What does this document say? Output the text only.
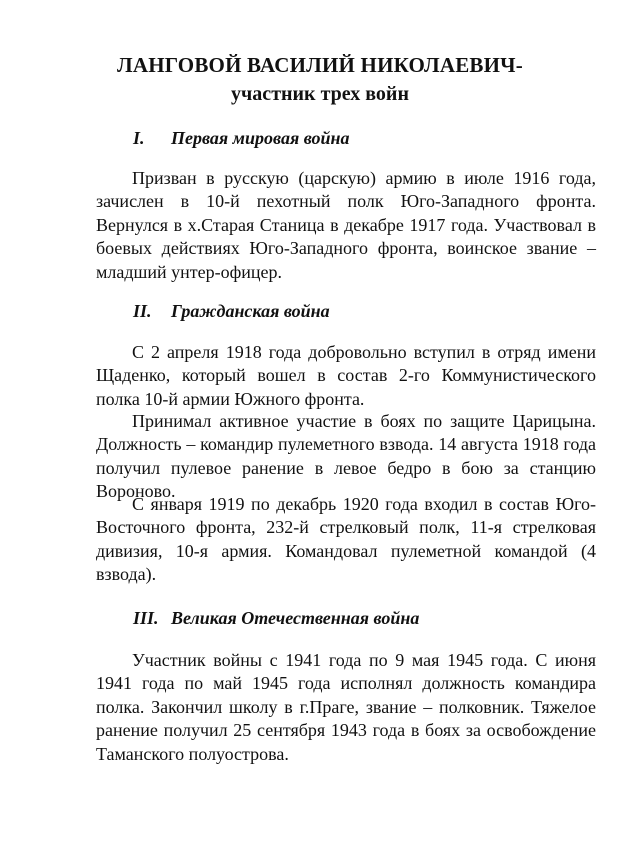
ЛАНГОВОЙ ВАСИЛИЙ НИКОЛАЕВИЧ-
участник трех войн
I. Первая мировая война

Призван в русскую (царскую) армию в июле 1916 года, зачислен в 10-й пехотный полк Юго-Западного фронта. Вернулся в х.Старая Станица в декабре 1917 года. Участвовал в боевых действиях Юго-Западного фронта, воинское звание – младший унтер-офицер.

II. Гражданская война

С 2 апреля 1918 года добровольно вступил в отряд имени Щаденко, который вошел в состав 2-го Коммунистического полка 10-й армии Южного фронта.

Принимал активное участие в боях по защите Царицына. Должность – командир пулеметного взвода. 14 августа 1918 года получил пулевое ранение в левое бедро в бою за станцию Вороново.

С января 1919 по декабрь 1920 года входил в состав Юго-Восточного фронта, 232-й стрелковый полк, 11-я стрелковая дивизия, 10-я армия. Командовал пулеметной командой (4 взвода).

III. Великая Отечественная война

Участник войны с 1941 года по 9 мая 1945 года. С июня 1941 года по май 1945 года исполнял должность командира полка. Закончил школу в г.Праге, звание – полковник. Тяжелое ранение получил 25 сентября 1943 года в боях за освобождение Таманского полуострова.
